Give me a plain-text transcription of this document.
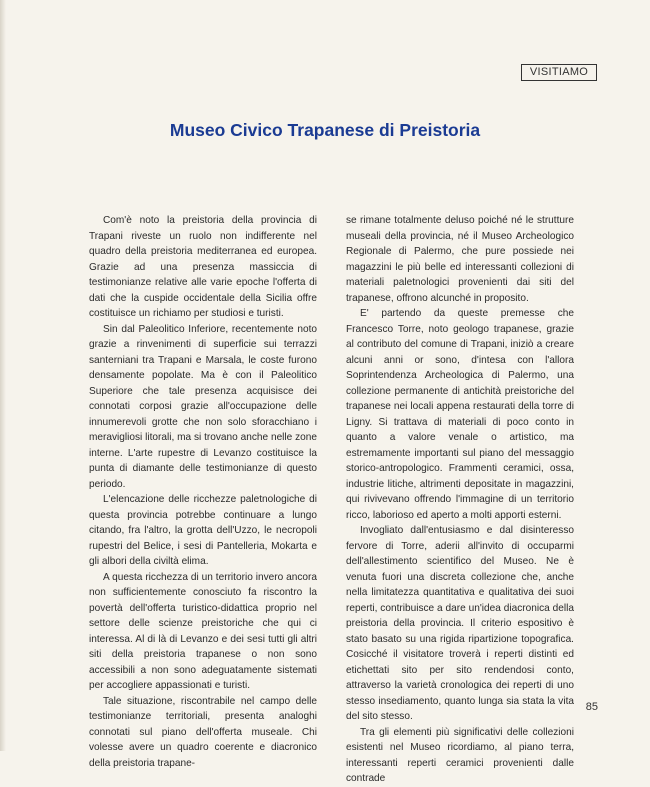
VISITIAMO
Museo Civico Trapanese di Preistoria

Com'è noto la preistoria della provincia di Trapani riveste un ruolo non indifferente nel quadro della preistoria mediterranea ed europea. Grazie ad una presenza massiccia di testimonianze relative alle varie epoche l'offerta di dati che la cuspide occidentale della Sicilia offre costituisce un richiamo per studiosi e turisti.

Sin dal Paleolitico Inferiore, recentemente noto grazie a rinvenimenti di superficie sui terrazzi santerniani tra Trapani e Marsala, le coste furono densamente popolate. Ma è con il Paleolitico Superiore che tale presenza acquisisce dei connotati corposi grazie all'occupazione delle innumerevoli grotte che non solo sforacchiano i meravigliosi litorali, ma si trovano anche nelle zone interne. L'arte rupestre di Levanzo costituisce la punta di diamante delle testimonianze di questo periodo.

L'elencazione delle ricchezze paletnologiche di questa provincia potrebbe continuare a lungo citando, fra l'altro, la grotta dell'Uzzo, le necropoli rupestri del Belice, i sesi di Pantelleria, Mokarta e gli albori della civiltà elima.

A questa ricchezza di un territorio invero ancora non sufficientemente conosciuto fa riscontro la povertà dell'offerta turistico-didattica proprio nel settore delle scienze preistoriche che qui ci interessa. Al di là di Levanzo e dei sesi tutti gli altri siti della preistoria trapanese o non sono accessibili a non sono adeguatamente sistemati per accogliere appassionati e turisti.

Tale situazione, riscontrabile nel campo delle testimonianze territoriali, presenta analoghi connotati sul piano dell'offerta museale. Chi volesse avere un quadro coerente e diacronico della preistoria trapane-

se rimane totalmente deluso poiché né le strutture museali della provincia, né il Museo Archeologico Regionale di Palermo, che pure possiede nei magazzini le più belle ed interessanti collezioni di materiali paletnologici provenienti dai siti del trapanese, offrono alcunché in proposito.

E' partendo da queste premesse che Francesco Torre, noto geologo trapanese, grazie al contributo del comune di Trapani, iniziò a creare alcuni anni or sono, d'intesa con l'allora Soprintendenza Archeologica di Palermo, una collezione permanente di antichità preistoriche del trapanese nei locali appena restaurati della torre di Ligny. Si trattava di materiali di poco conto in quanto a valore venale o artistico, ma estremamente importanti sul piano del messaggio storico-antropologico. Frammenti ceramici, ossa, industrie litiche, altrimenti depositate in magazzini, qui rivivevano offrendo l'immagine di un territorio ricco, laborioso ed aperto a molti apporti esterni.

Invogliato dall'entusiasmo e dal disinteresso fervore di Torre, aderii all'invito di occuparmi dell'allestimento scientifico del Museo. Ne è venuta fuori una discreta collezione che, anche nella limitatezza quantitativa e qualitativa dei suoi reperti, contribuisce a dare un'idea diacronica della preistoria della provincia. Il criterio espositivo è stato basato su una rigida ripartizione topografica. Cosicché il visitatore troverà i reperti distinti ed etichettati sito per sito rendendosi conto, attraverso la varietà cronologica dei reperti di uno stesso insediamento, quanto lunga sia stata la vita del sito stesso.

Tra gli elementi più significativi delle collezioni esistenti nel Museo ricordiamo, al piano terra, interessanti reperti ceramici provenienti dalle contrade

85
